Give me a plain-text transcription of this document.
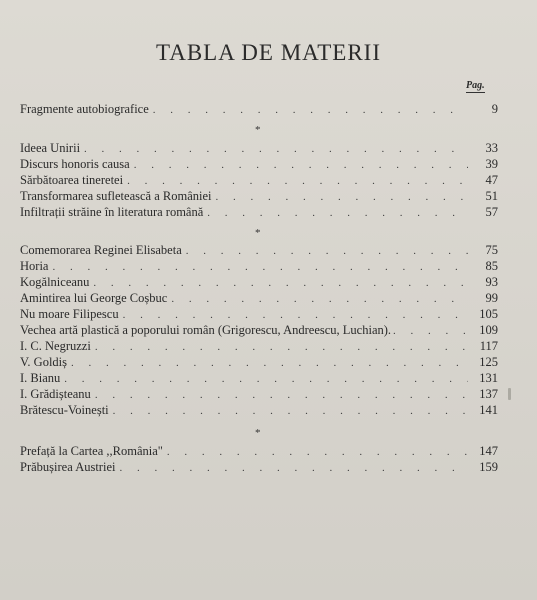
TABLA DE MATERII
Pag.
Fragmente autobiografice . . .	9
*
Ideea Unirii . . .	33
Discurs honoris causa . . .	39
Sărbătoarea tineretei . . .	47
Transformarea sufletească a României . . .	51
Infiltrații străine în literatura română . . .	57
*
Comemorarea Reginei Elisabeta . . .	75
Horia . . .	85
Kogălniceanu . . .	93
Amintirea lui George Coșbuc . . .	99
Nu moare Filipescu . . .	105
Vechea artă plastică a poporului român (Grigorescu, Andreescu, Luchian). . . .	109
I. C. Negruzzi . . .	117
V. Goldiș . . .	125
I. Bianu . . .	131
I. Grădișteanu . . .	137
Brătescu-Voinești . . .	141
*
Prefață la Cartea ,,România" . . .	147
Prăbușirea Austriei . . .	159
